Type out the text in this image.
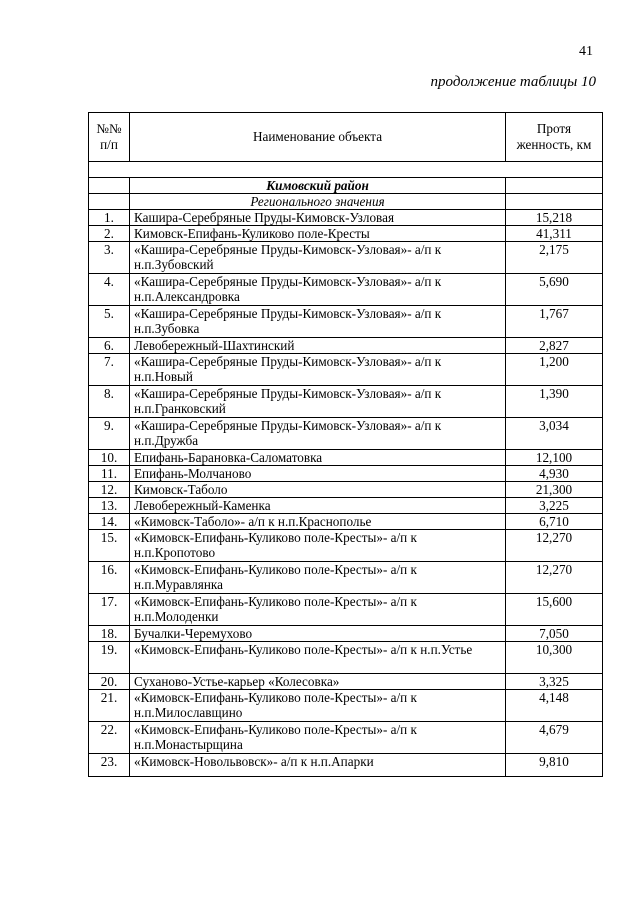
41
продолжение таблицы 10
№№ п/п	Наименование объекта	Протя женность, км

	Кимовский район	
	Регионального значения	
1.	Кашира-Серебряные Пруды-Кимовск-Узловая	15,218
2.	Кимовск-Епифань-Куликово поле-Кресты	41,311
3.	«Кашира-Серебряные Пруды-Кимовск-Узловая»- а/п к н.п.Зубовский	2,175
4.	«Кашира-Серебряные Пруды-Кимовск-Узловая»- а/п к н.п.Александровка	5,690
5.	«Кашира-Серебряные Пруды-Кимовск-Узловая»- а/п к н.п.Зубовка	1,767
6.	Левобережный-Шахтинский	2,827
7.	«Кашира-Серебряные Пруды-Кимовск-Узловая»- а/п к н.п.Новый	1,200
8.	«Кашира-Серебряные Пруды-Кимовск-Узловая»- а/п к н.п.Гранковский	1,390
9.	«Кашира-Серебряные Пруды-Кимовск-Узловая»- а/п к н.п.Дружба	3,034
10.	Епифань-Барановка-Саломатовка	12,100
11.	Епифань-Молчаново	4,930
12.	Кимовск-Таболо	21,300
13.	Левобережный-Каменка	3,225
14.	«Кимовск-Таболо»- а/п к н.п.Краснополье	6,710
15.	«Кимовск-Епифань-Куликово поле-Кресты»- а/п к н.п.Кропотово	12,270
16.	«Кимовск-Епифань-Куликово поле-Кресты»- а/п к н.п.Муравлянка	12,270
17.	«Кимовск-Епифань-Куликово поле-Кресты»- а/п к н.п.Молоденки	15,600
18.	Бучалки-Черемухово	7,050
19.	«Кимовск-Епифань-Куликово поле-Кресты»- а/п к н.п.Устье	10,300
20.	Суханово-Устье-карьер «Колесовка»	3,325
21.	«Кимовск-Епифань-Куликово поле-Кресты»- а/п к н.п.Милославщино	4,148
22.	«Кимовск-Епифань-Куликово поле-Кресты»- а/п к н.п.Монастырщина	4,679
23.	«Кимовск-Новольвовск»- а/п к н.п.Апарки	9,810
